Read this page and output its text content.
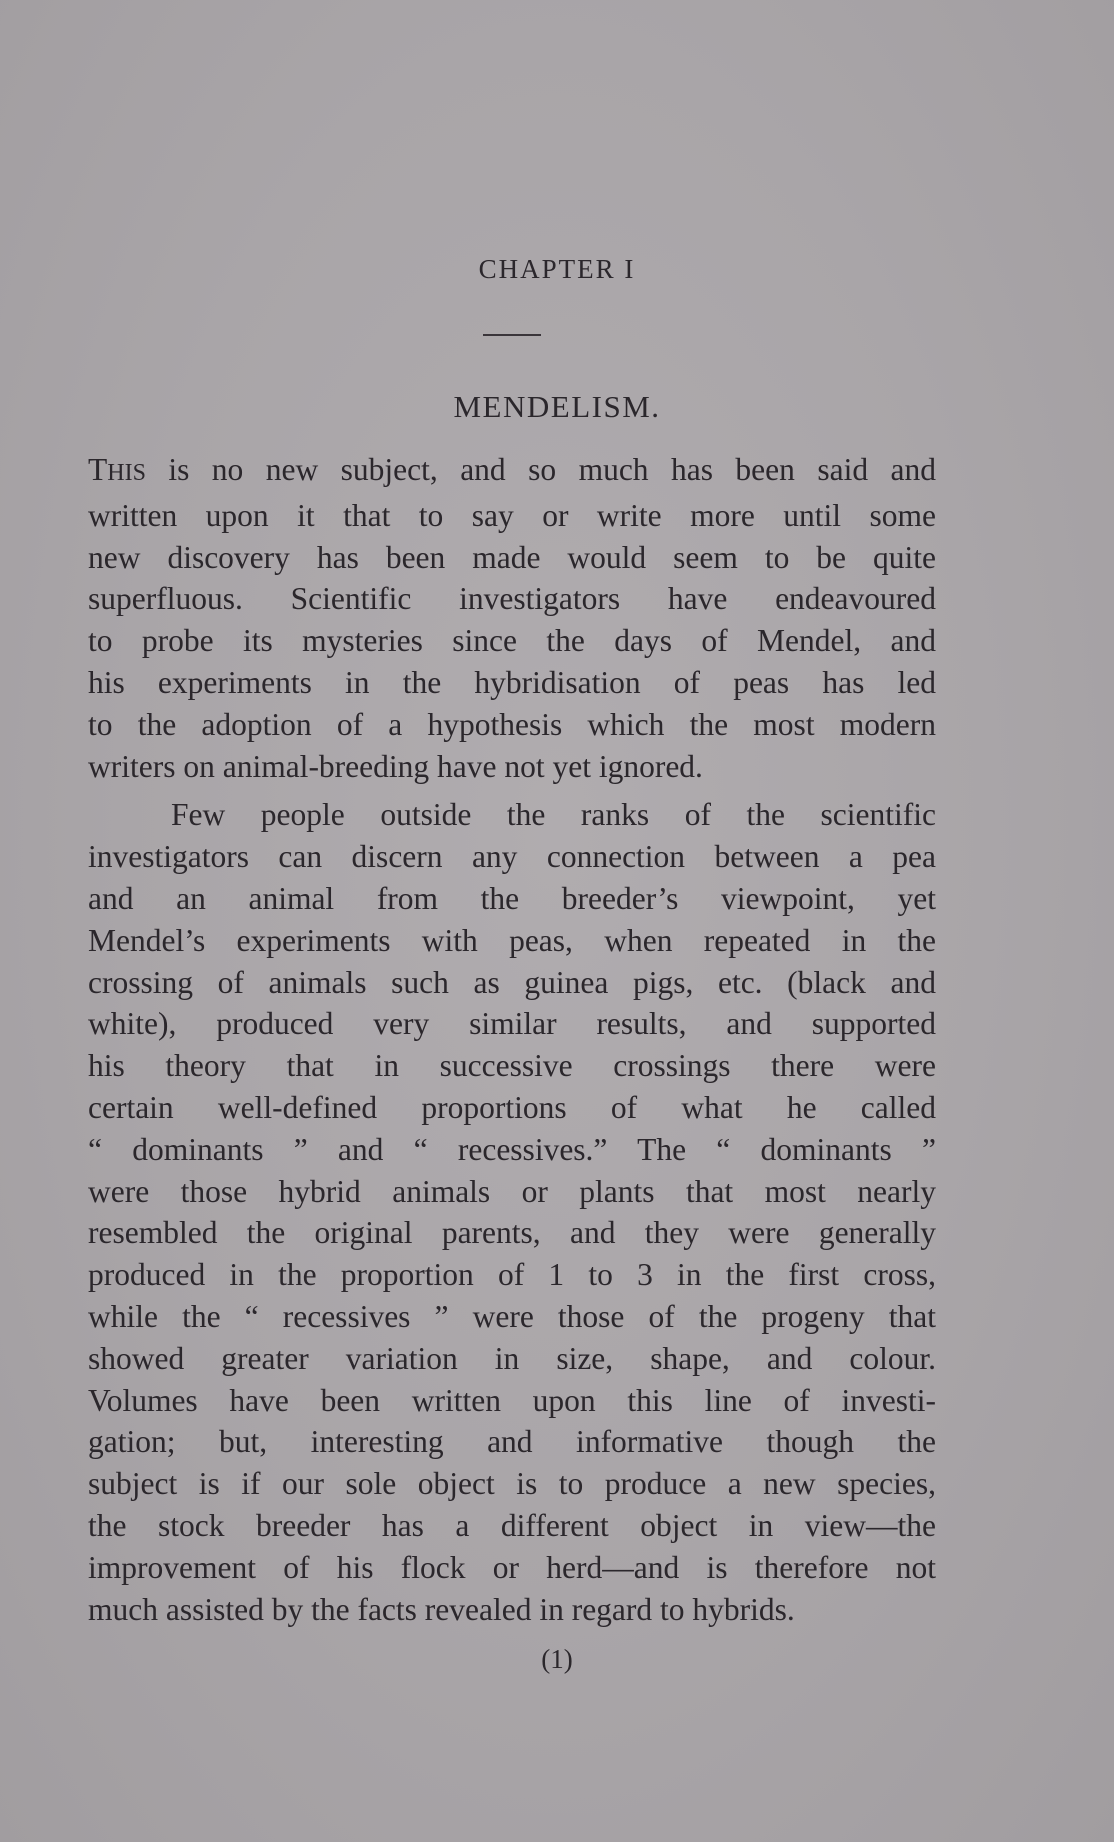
CHAPTER I
MENDELISM.
THIS is no new subject, and so much has been said and
written upon it that to say or write more until some
new discovery has been made would seem to be quite
superfluous. Scientific investigators have endeavoured
to probe its mysteries since the days of Mendel, and
his experiments in the hybridisation of peas has led
to the adoption of a hypothesis which the most modern
writers on animal-breeding have not yet ignored.
Few people outside the ranks of the scientific
investigators can discern any connection between a pea
and an animal from the breeder’s viewpoint, yet
Mendel’s experiments with peas, when repeated in the
crossing of animals such as guinea pigs, etc. (black and
white), produced very similar results, and supported
his theory that in successive crossings there were
certain well-defined proportions of what he called
“ dominants ” and “ recessives.” The “ dominants ”
were those hybrid animals or plants that most nearly
resembled the original parents, and they were generally
produced in the proportion of 1 to 3 in the first cross,
while the “ recessives ” were those of the progeny that
showed greater variation in size, shape, and colour.
Volumes have been written upon this line of investi-
gation; but, interesting and informative though the
subject is if our sole object is to produce a new species,
the stock breeder has a different object in view—the
improvement of his flock or herd—and is therefore not
much assisted by the facts revealed in regard to hybrids.
(1)
